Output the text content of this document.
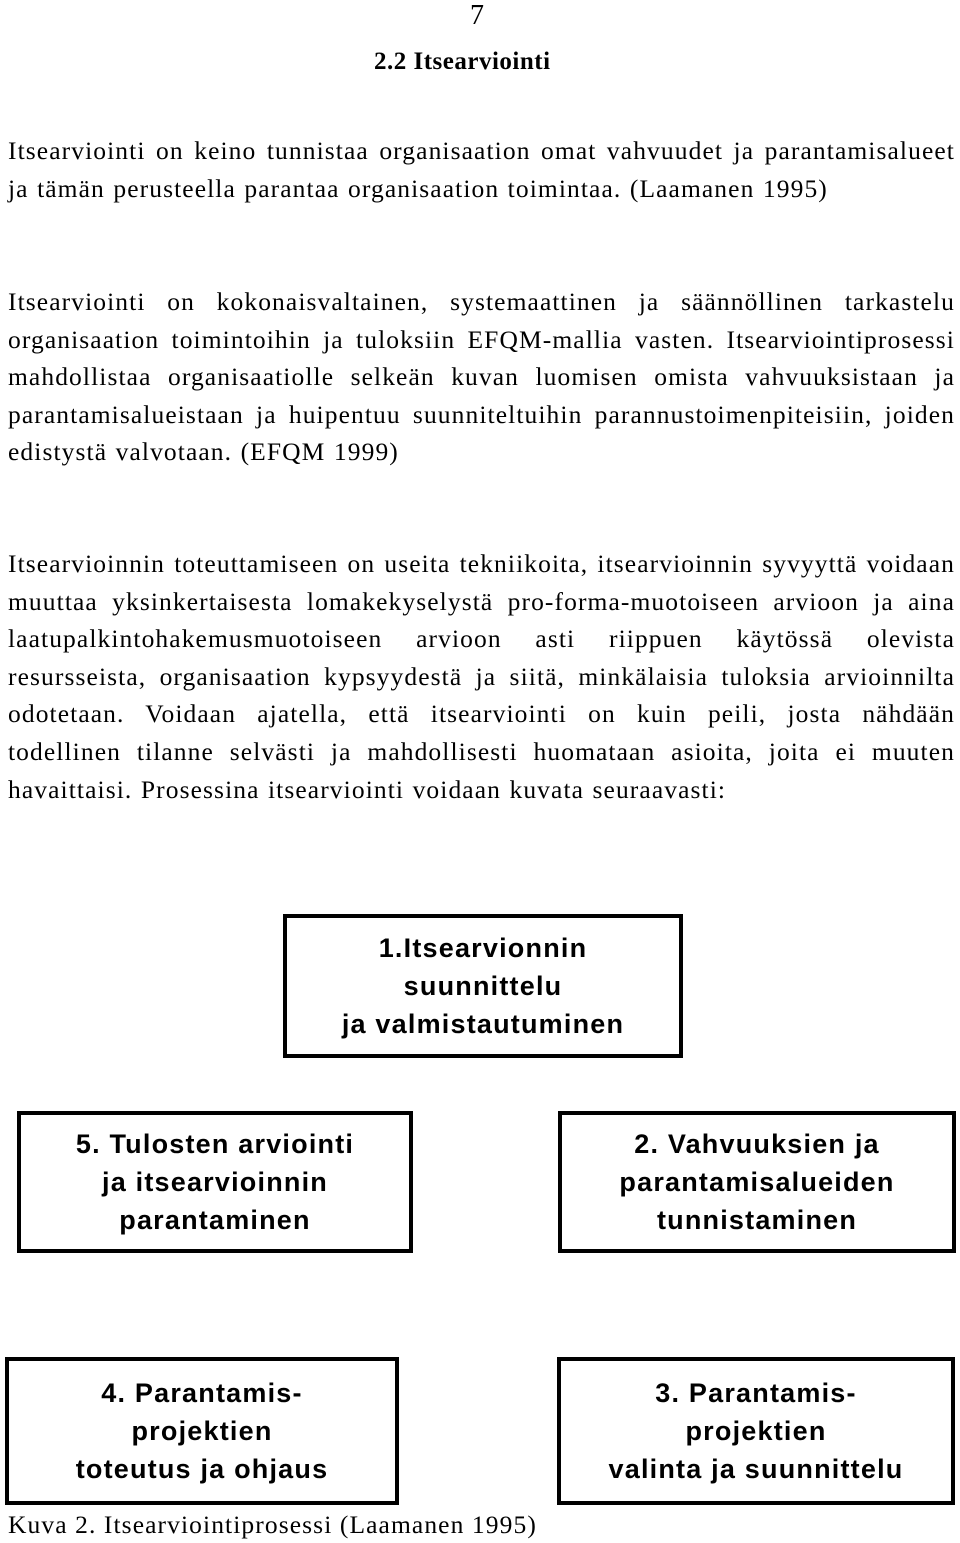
7
2.2 Itsearviointi

Itsearviointi on keino tunnistaa organisaation omat vahvuudet ja parantamisalueet ja tämän perusteella parantaa organisaation toimintaa. (Laamanen 1995)

Itsearviointi on kokonaisvaltainen, systemaattinen ja säännöllinen tarkastelu organisaation toimintoihin ja tuloksiin EFQM-mallia vasten. Itsearviointiprosessi mahdollistaa organisaatiolle selkeän kuvan luomisen omista vahvuuksistaan ja parantamisalueistaan ja huipentuu suunniteltuihin parannustoimenpiteisiin, joiden edistystä valvotaan. (EFQM 1999)

Itsearvioinnin toteuttamiseen on useita tekniikoita, itsearvioinnin syvyyttä voidaan muuttaa yksinkertaisesta lomakekyselystä pro-forma-muotoiseen arvioon ja aina laatupalkintohakemusmuotoiseen arvioon asti riippuen käytössä olevista resursseista, organisaation kypsyydestä ja siitä, minkälaisia tuloksia arvioinnilta odotetaan. Voidaan ajatella, että itsearviointi on kuin peili, josta nähdään todellinen tilanne selvästi ja mahdollisesti huomataan asioita, joita ei muuten havaittaisi. Prosessina itsearviointi voidaan kuvata seuraavasti:

1.Itsearvionnin
suunnittelu
ja valmistautuminen
5. Tulosten arviointi
ja itsearvioinnin
parantaminen
2. Vahvuuksien ja
parantamisalueiden
tunnistaminen
4. Parantamis-
projektien
toteutus ja ohjaus
3. Parantamis-
projektien
valinta ja suunnittelu
Kuva 2. Itsearviointiprosessi (Laamanen 1995)
